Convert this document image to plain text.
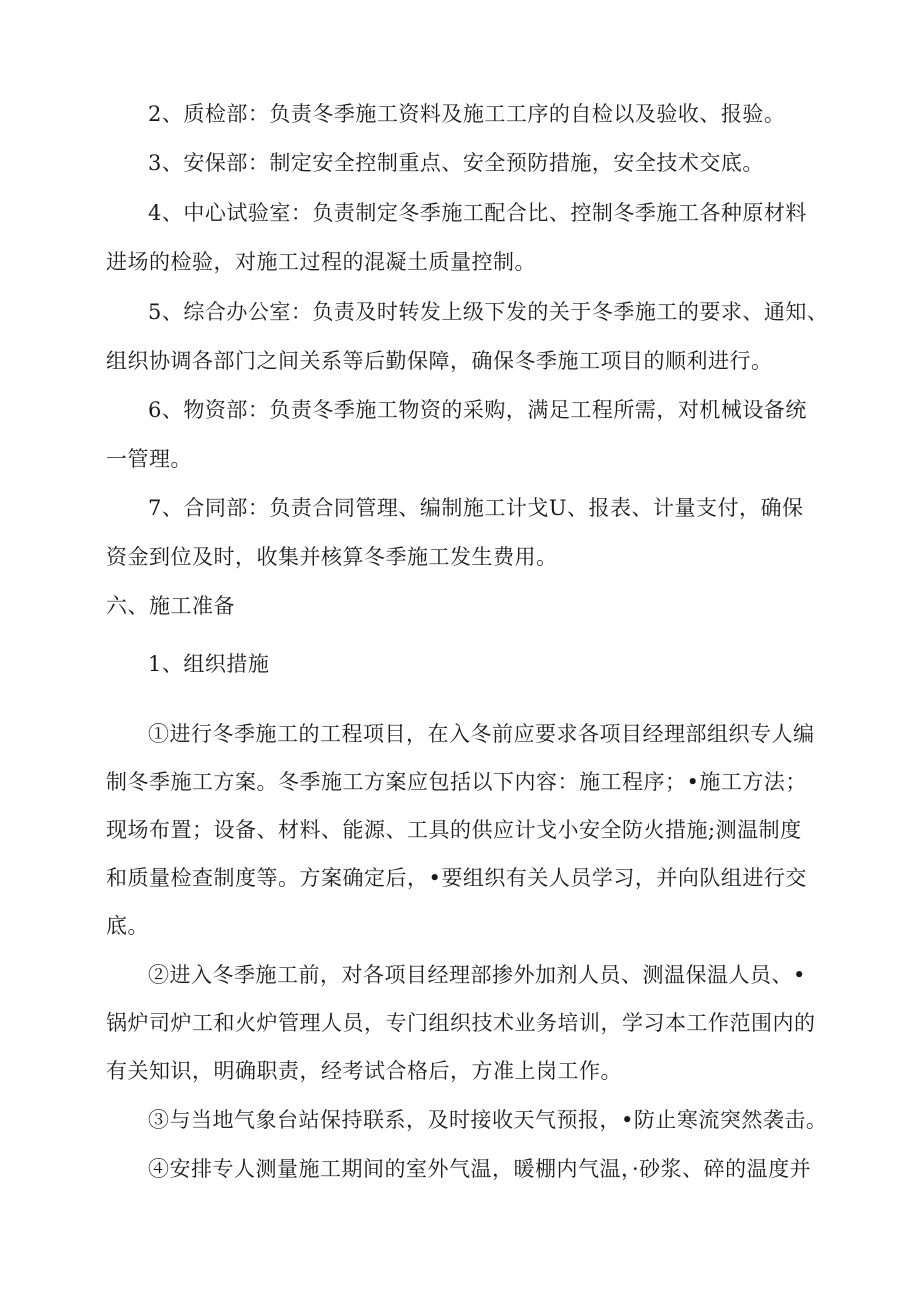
2、质检部：负责冬季施工资料及施工工序的自检以及验收、报验。
3、安保部：制定安全控制重点、安全预防措施，安全技术交底。
4、中心试验室：负责制定冬季施工配合比、控制冬季施工各种原材料
进场的检验，对施工过程的混凝土质量控制。
5、综合办公室：负责及时转发上级下发的关于冬季施工的要求、通知、
组织协调各部门之间关系等后勤保障，确保冬季施工项目的顺利进行。
6、物资部：负责冬季施工物资的采购，满足工程所需，对机械设备统
一管理。
7、合同部：负责合同管理、编制施工计戈U、报表、计量支付，确保
资金到位及时，收集并核算冬季施工发生费用。
六、施工准备
1、组织措施
①进行冬季施工的工程项目，在入冬前应要求各项目经理部组织专人编
制冬季施工方案。冬季施工方案应包括以下内容：施工程序；•施工方法；
现场布置；设备、材料、能源、工具的供应计戈小安全防火措施;测温制度
和质量检查制度等。方案确定后，•要组织有关人员学习，并向队组进行交
底。
②进入冬季施工前，对各项目经理部掺外加剂人员、测温保温人员、•
锅炉司炉工和火炉管理人员，专门组织技术业务培训，学习本工作范围内的
有关知识，明确职责，经考试合格后，方准上岗工作。
③与当地气象台站保持联系，及时接收天气预报，•防止寒流突然袭击。
④安排专人测量施工期间的室外气温，暖棚内气温，·砂浆、碎的温度并
